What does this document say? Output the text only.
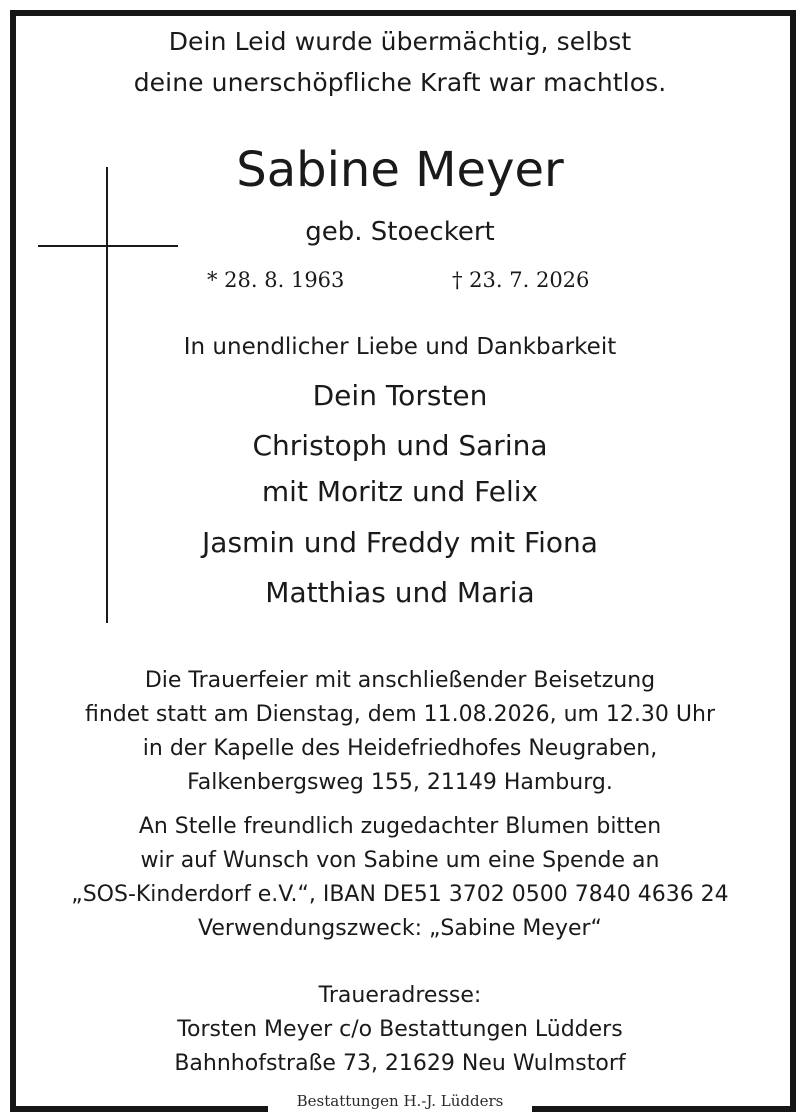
Dein Leid wurde übermächtig, selbst
deine unerschöpfliche Kraft war machtlos.
Sabine Meyer
geb. Stoeckert
* 28. 8. 1963	† 23. 7. 2026
In unendlicher Liebe und Dankbarkeit
Dein Torsten
Christoph und Sarina
mit Moritz und Felix
Jasmin und Freddy mit Fiona
Matthias und Maria
Die Trauerfeier mit anschließender Beisetzung
findet statt am Dienstag, dem 11.08.2026, um 12.30 Uhr
in der Kapelle des Heidefriedhofes Neugraben,
Falkenbergsweg 155, 21149 Hamburg.
An Stelle freundlich zugedachter Blumen bitten
wir auf Wunsch von Sabine um eine Spende an
„SOS-Kinderdorf e.V.“, IBAN DE51 3702 0500 7840 4636 24
Verwendungszweck: „Sabine Meyer“
Traueradresse:
Torsten Meyer c/o Bestattungen Lüdders
Bahnhofstraße 73, 21629 Neu Wulmstorf
Bestattungen H.-J. Lüdders
